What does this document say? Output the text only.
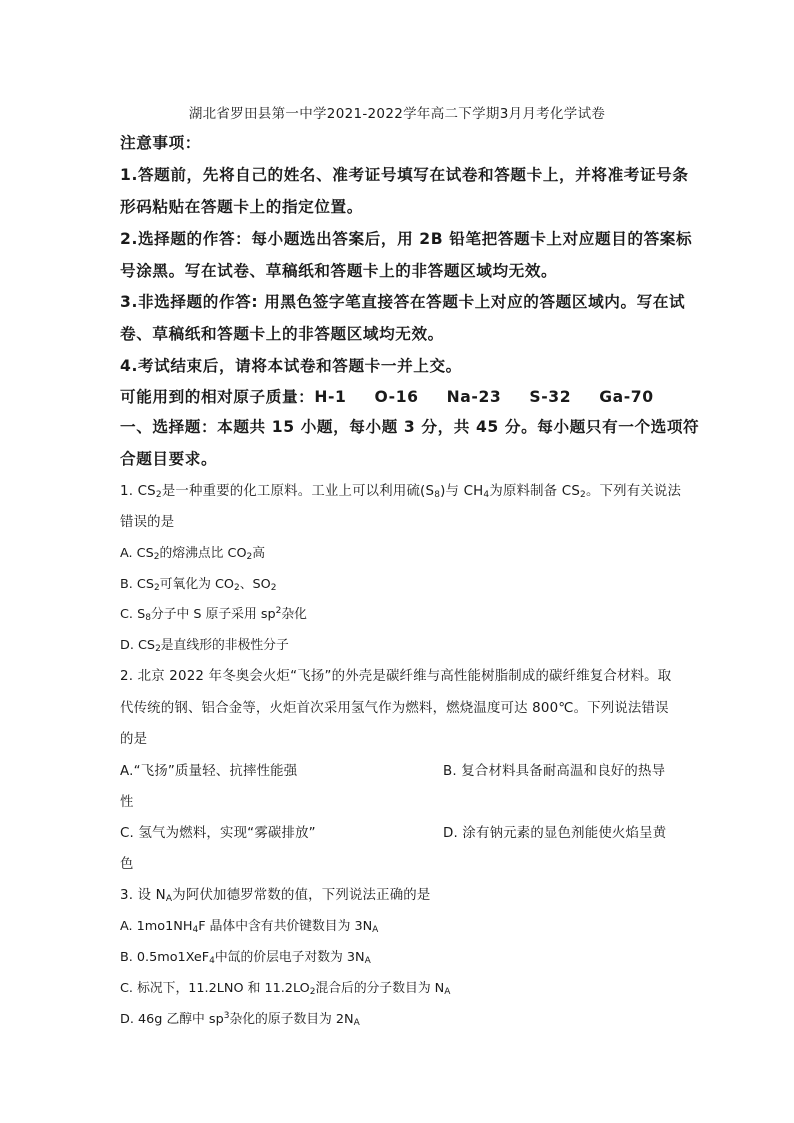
湖北省罗田县第一中学2021-2022学年高二下学期3月月考化学试卷
注意事项：
1.答题前，先将自己的姓名、准考证号填写在试卷和答题卡上，并将准考证号条
形码粘贴在答题卡上的指定位置。
2.选择题的作答：每小题选出答案后，用 2B 铅笔把答题卡上对应题目的答案标
号涂黑。写在试卷、草稿纸和答题卡上的非答题区域均无效。
3.非选择题的作答: 用黑色签字笔直接答在答题卡上对应的答题区域内。写在试
卷、草稿纸和答题卡上的非答题区域均无效。
4.考试结束后，请将本试卷和答题卡一并上交。
可能用到的相对原子质量：H-1 O-16 Na-23 S-32 Ga-70
一、选择题：本题共 15 小题，每小题 3 分，共 45 分。每小题只有一个选项符
合题目要求。
1. $CS_2$是一种重要的化工原料。工业上可以利用硫$(S_8)$与 $CH_4$为原料制备 $CS_2$。下列有关说法
错误的是
A. $CS_2$的熔沸点比 $CO_2$高
B. $CS_2$可氧化为 $CO_2$、$SO_2$
C. $S_8$分子中 S 原子采用 $sp^2$杂化
D. $CS_2$是直线形的非极性分子
2. 北京 2022 年冬奥会火炬“飞扬”的外壳是碳纤维与高性能树脂制成的碳纤维复合材料。取
代传统的钢、铝合金等，火炬首次采用氢气作为燃料，燃烧温度可达 800℃。下列说法错误
的是
A.“飞扬”质量轻、抗摔性能强	B. 复合材料具备耐高温和良好的热导
性
C. 氢气为燃料，实现“雾碳排放”	D. 涂有钠元素的显色剂能使火焰呈黄
色
3. 设 $N_A$为阿伏加德罗常数的值，下列说法正确的是
A. $1mo1NH_4F$ 晶体中含有共价键数目为 $3N_A$
B. 0.5mo1XeF$_4$中氙的价层电子对数为 $3N_A$
C. 标况下，11.2LNO 和 $11.2LO_2$混合后的分子数目为 $N_A$
D. 46g 乙醇中 $sp^3$杂化的原子数目为 $2N_A$
